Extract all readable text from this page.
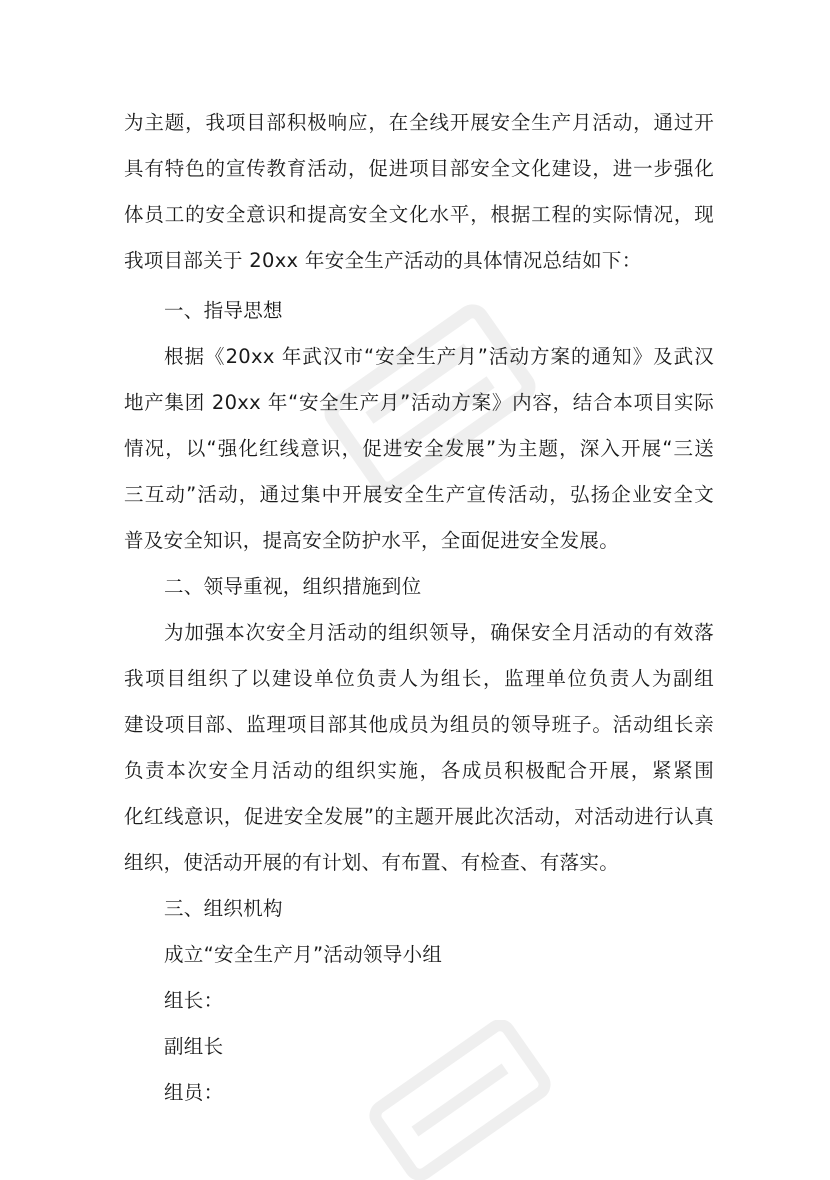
为主题，我项目部积极响应，在全线开展安全生产月活动，通过开
具有特色的宣传教育活动，促进项目部安全文化建设，进一步强化
体员工的安全意识和提高安全文化水平，根据工程的实际情况，现
我项目部关于 20xx 年安全生产活动的具体情况总结如下：
一、指导思想
根据《20xx 年武汉市“安全生产月”活动方案的通知》及武汉
地产集团 20xx 年“安全生产月”活动方案》内容，结合本项目实际
情况，以“强化红线意识，促进安全发展”为主题，深入开展“三送
三互动”活动，通过集中开展安全生产宣传活动，弘扬企业安全文
普及安全知识，提高安全防护水平，全面促进安全发展。
二、领导重视，组织措施到位
为加强本次安全月活动的组织领导，确保安全月活动的有效落
我项目组织了以建设单位负责人为组长，监理单位负责人为副组
建设项目部、监理项目部其他成员为组员的领导班子。活动组长亲
负责本次安全月活动的组织实施，各成员积极配合开展，紧紧围
化红线意识，促进安全发展”的主题开展此次活动，对活动进行认真
组织，使活动开展的有计划、有布置、有检查、有落实。
三、组织机构
成立“安全生产月”活动领导小组
组长：
副组长
组员：
